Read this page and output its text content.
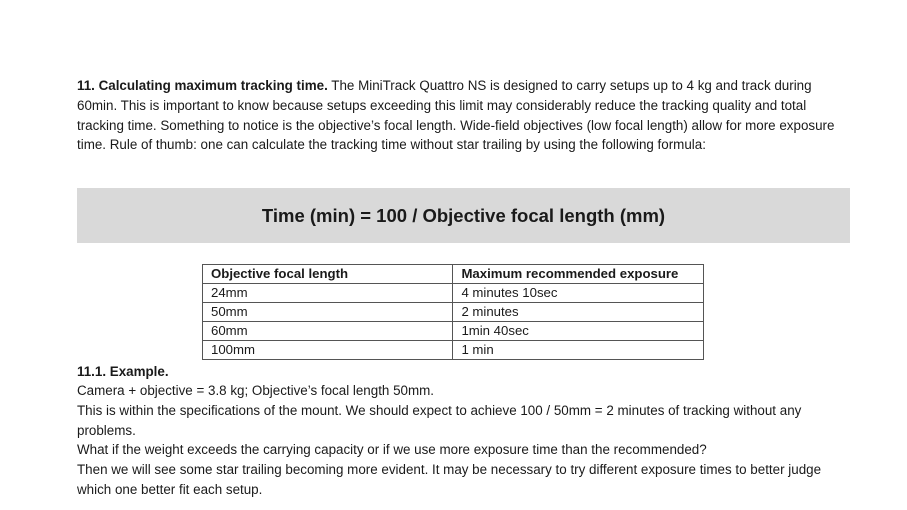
11. Calculating maximum tracking time. The MiniTrack Quattro NS is designed to carry setups up to 4 kg and track during 60min. This is important to know because setups exceeding this limit may considerably reduce the tracking quality and total tracking time. Something to notice is the objective’s focal length. Wide-field objectives (low focal length) allow for more exposure time. Rule of thumb: one can calculate the tracking time without star trailing by using the following formula:

Time (min) = 100 / Objective focal length (mm)
Objective focal length	Maximum recommended exposure
24mm	4 minutes 10sec
50mm	2 minutes
60mm	1min 40sec
100mm	1 min

11.1. Example.

Camera + objective = 3.8 kg; Objective’s focal length 50mm.

This is within the specifications of the mount. We should expect to achieve 100 / 50mm = 2 minutes of tracking without any problems.

What if the weight exceeds the carrying capacity or if we use more exposure time than the recommended?

Then we will see some star trailing becoming more evident. It may be necessary to try different exposure times to better judge which one better fit each setup.
